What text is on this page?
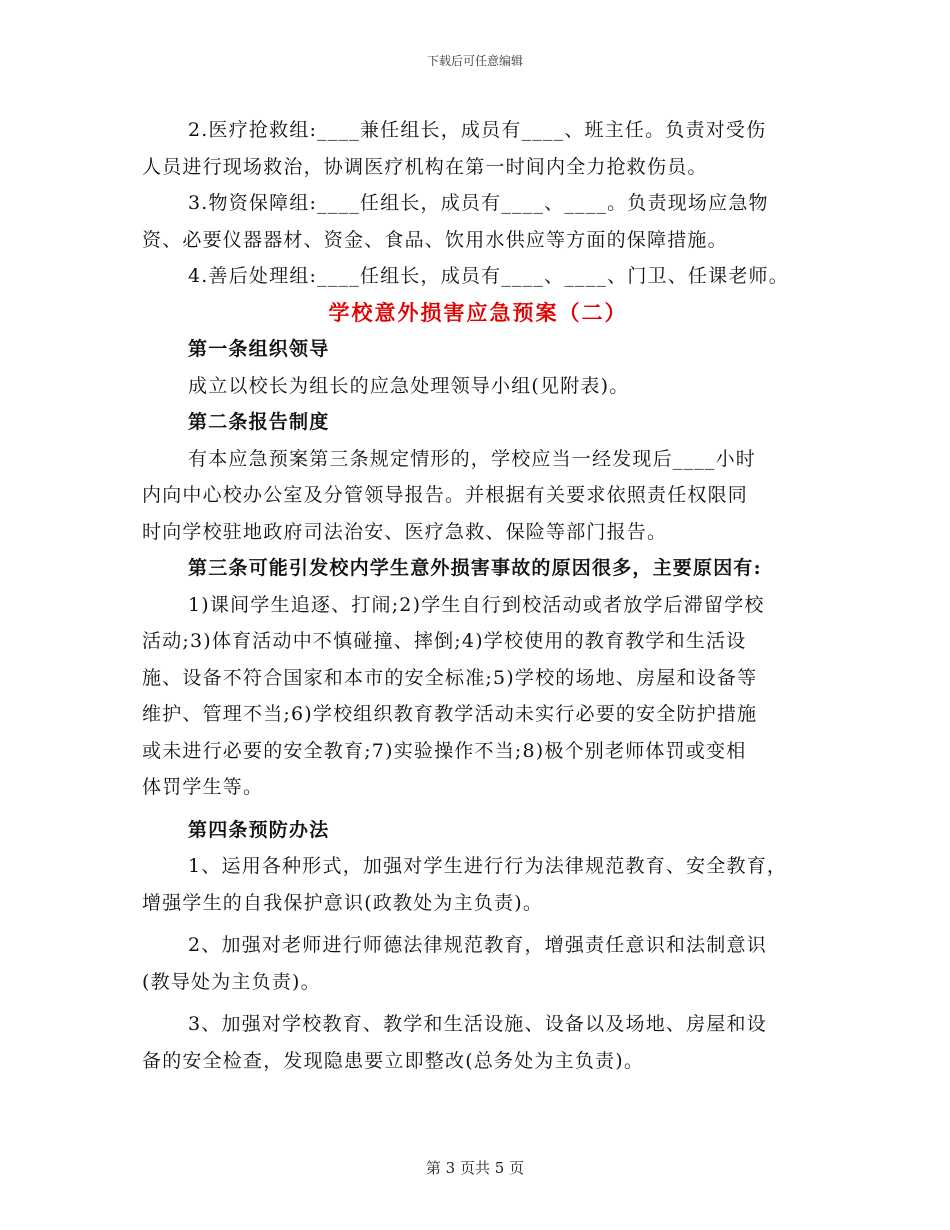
下载后可任意编辑
2.医疗抢救组:____兼任组长，成员有____、班主任。负责对受伤
人员进行现场救治，协调医疗机构在第一时间内全力抢救伤员。
3.物资保障组:____任组长，成员有____、____。负责现场应急物
资、必要仪器器材、资金、食品、饮用水供应等方面的保障措施。
4.善后处理组:____任组长，成员有____、____、门卫、任课老师。
学校意外损害应急预案（二）
第一条组织领导
成立以校长为组长的应急处理领导小组(见附表)。
第二条报告制度
有本应急预案第三条规定情形的，学校应当一经发现后____小时
内向中心校办公室及分管领导报告。并根据有关要求依照责任权限同
时向学校驻地政府司法治安、医疗急救、保险等部门报告。
第三条可能引发校内学生意外损害事故的原因很多，主要原因有:
1)课间学生追逐、打闹;2)学生自行到校活动或者放学后滞留学校
活动;3)体育活动中不慎碰撞、摔倒;4)学校使用的教育教学和生活设
施、设备不符合国家和本市的安全标准;5)学校的场地、房屋和设备等
维护、管理不当;6)学校组织教育教学活动未实行必要的安全防护措施
或未进行必要的安全教育;7)实验操作不当;8)极个别老师体罚或变相
体罚学生等。
第四条预防办法
1、运用各种形式，加强对学生进行行为法律规范教育、安全教育，
增强学生的自我保护意识(政教处为主负责)。
2、加强对老师进行师德法律规范教育，增强责任意识和法制意识
(教导处为主负责)。
3、加强对学校教育、教学和生活设施、设备以及场地、房屋和设
备的安全检查，发现隐患要立即整改(总务处为主负责)。
第 3 页共 5 页
